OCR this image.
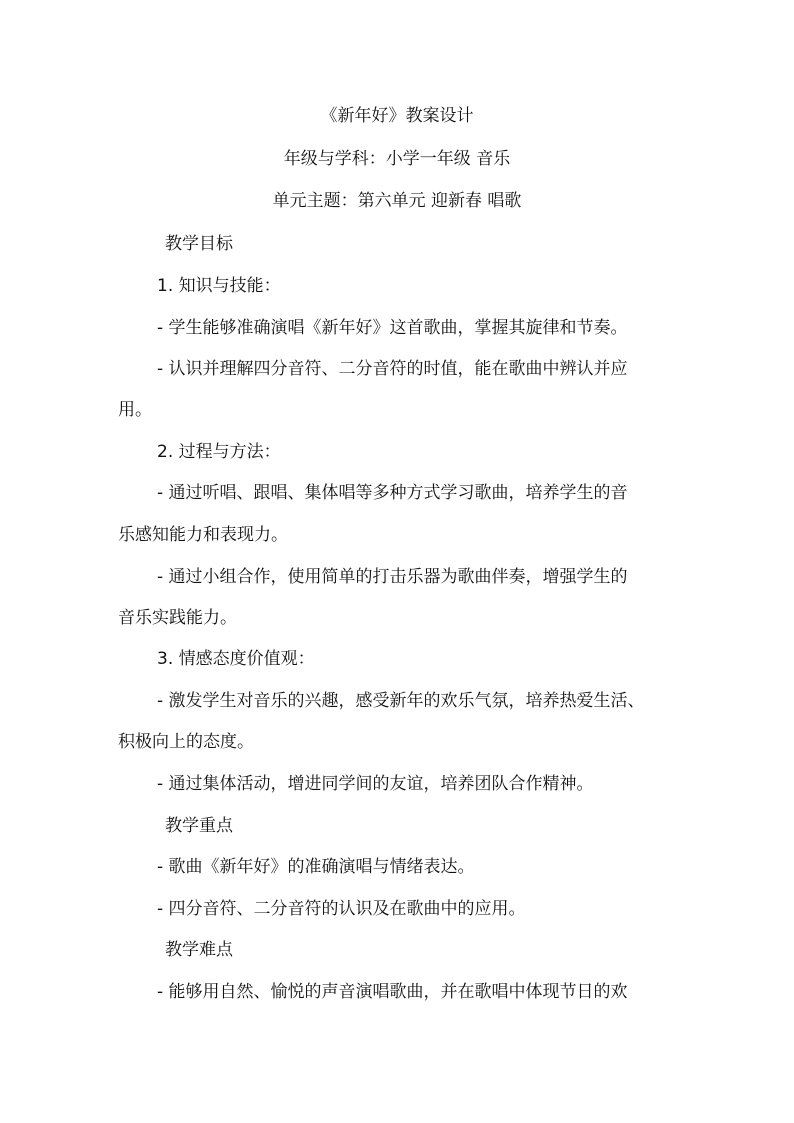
《新年好》教案设计
年级与学科：小学一年级 音乐
单元主题：第六单元 迎新春 唱歌
教学目标
1. 知识与技能：
- 学生能够准确演唱《新年好》这首歌曲，掌握其旋律和节奏。
- 认识并理解四分音符、二分音符的时值，能在歌曲中辨认并应
用。
2. 过程与方法：
- 通过听唱、跟唱、集体唱等多种方式学习歌曲，培养学生的音
乐感知能力和表现力。
- 通过小组合作，使用简单的打击乐器为歌曲伴奏，增强学生的
音乐实践能力。
3. 情感态度价值观：
- 激发学生对音乐的兴趣，感受新年的欢乐气氛，培养热爱生活、
积极向上的态度。
- 通过集体活动，增进同学间的友谊，培养团队合作精神。
教学重点
- 歌曲《新年好》的准确演唱与情绪表达。
- 四分音符、二分音符的认识及在歌曲中的应用。
教学难点
- 能够用自然、愉悦的声音演唱歌曲，并在歌唱中体现节日的欢
